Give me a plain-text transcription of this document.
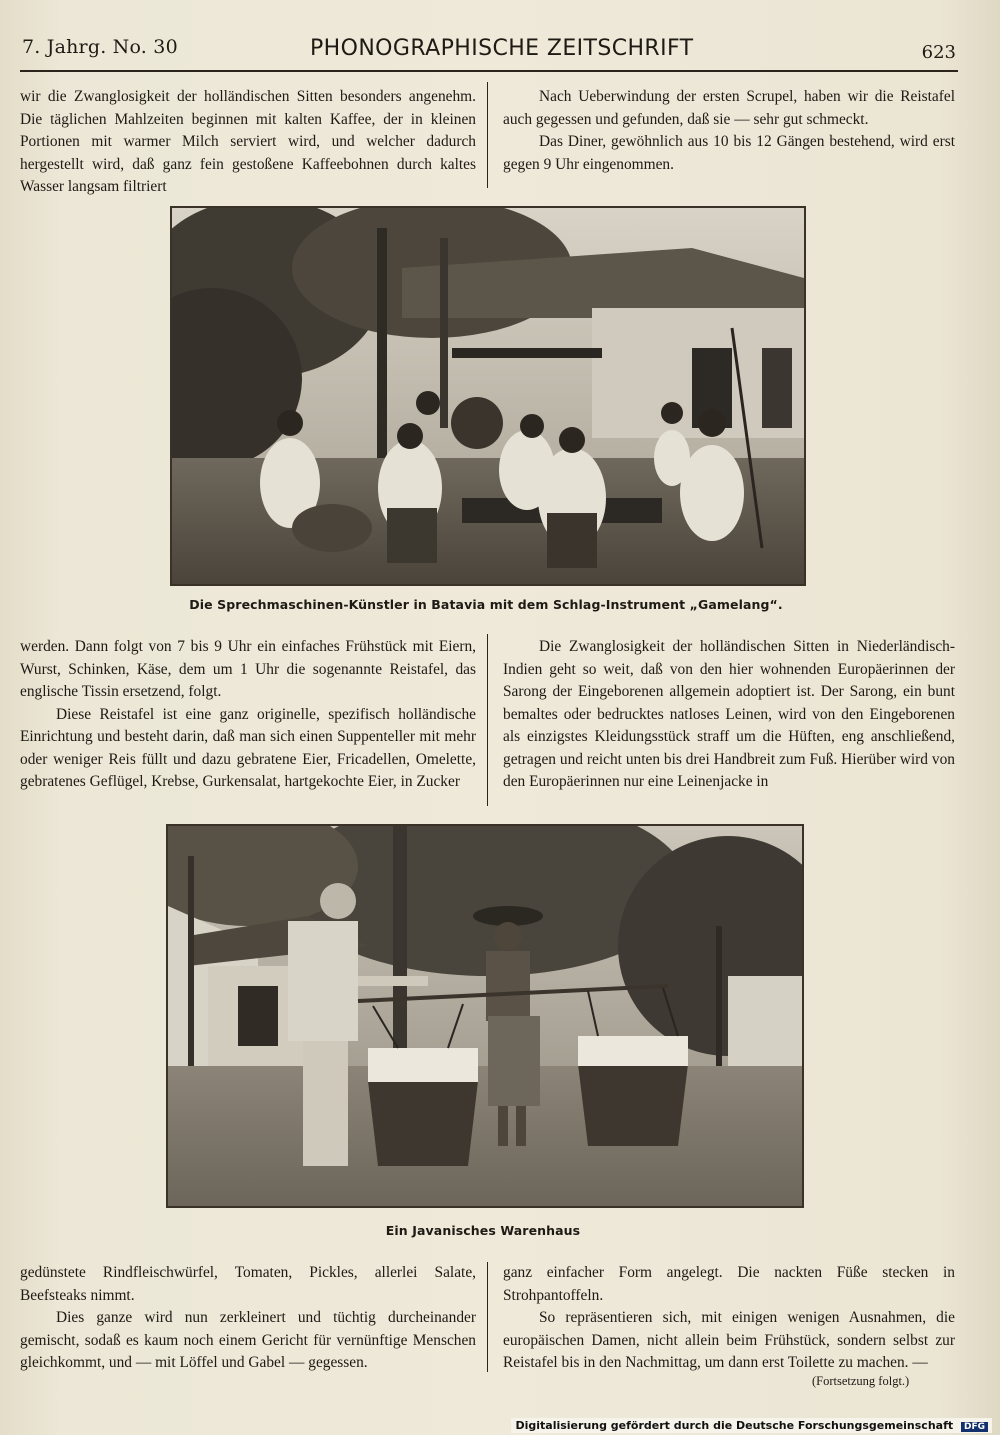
7. Jahrg. No. 30	PHONOGRAPHISCHE ZEITSCHRIFT	623

wir die Zwanglosigkeit der holländischen Sitten besonders angenehm. Die täglichen Mahlzeiten beginnen mit kalten Kaffee, der in kleinen Portionen mit warmer Milch serviert wird, und welcher dadurch hergestellt wird, daß ganz fein gestoßene Kaffeebohnen durch kaltes Wasser langsam filtriert

Nach Ueberwindung der ersten Scrupel, haben wir die Reistafel auch gegessen und gefunden, daß sie — sehr gut schmeckt.

Das Diner, gewöhnlich aus 10 bis 12 Gängen bestehend, wird erst gegen 9 Uhr eingenommen.

Die Sprechmaschinen-Künstler in Batavia mit dem Schlag-Instrument „Gamelang“.

werden. Dann folgt von 7 bis 9 Uhr ein einfaches Frühstück mit Eiern, Wurst, Schinken, Käse, dem um 1 Uhr die sogenannte Reistafel, das englische Tissin ersetzend, folgt.

Diese Reistafel ist eine ganz originelle, spezifisch holländische Einrichtung und besteht darin, daß man sich einen Suppenteller mit mehr oder weniger Reis füllt und dazu gebratene Eier, Fricadellen, Omelette, gebratenes Geflügel, Krebse, Gurkensalat, hartgekochte Eier, in Zucker

Die Zwanglosigkeit der holländischen Sitten in Niederländisch-Indien geht so weit, daß von den hier wohnenden Europäerinnen der Sarong der Eingeborenen allgemein adoptiert ist. Der Sarong, ein bunt bemaltes oder bedrucktes natloses Leinen, wird von den Eingeborenen als einzigstes Kleidungsstück straff um die Hüften, eng anschließend, getragen und reicht unten bis drei Handbreit zum Fuß. Hierüber wird von den Europäerinnen nur eine Leinenjacke in

Ein Javanisches Warenhaus

gedünstete Rindfleischwürfel, Tomaten, Pickles, allerlei Salate, Beefsteaks nimmt.

Dies ganze wird nun zerkleinert und tüchtig durcheinander gemischt, sodaß es kaum noch einem Gericht für vernünftige Menschen gleichkommt, und — mit Löffel und Gabel — gegessen.

ganz einfacher Form angelegt. Die nackten Füße stecken in Strohpantoffeln.

So repräsentieren sich, mit einigen wenigen Ausnahmen, die europäischen Damen, nicht allein beim Frühstück, sondern selbst zur Reistafel bis in den Nachmittag, um dann erst Toilette zu machen. —

(Fortsetzung folgt.)
Digitalisierung gefördert durch die Deutsche Forschungsgemeinschaft DFG
